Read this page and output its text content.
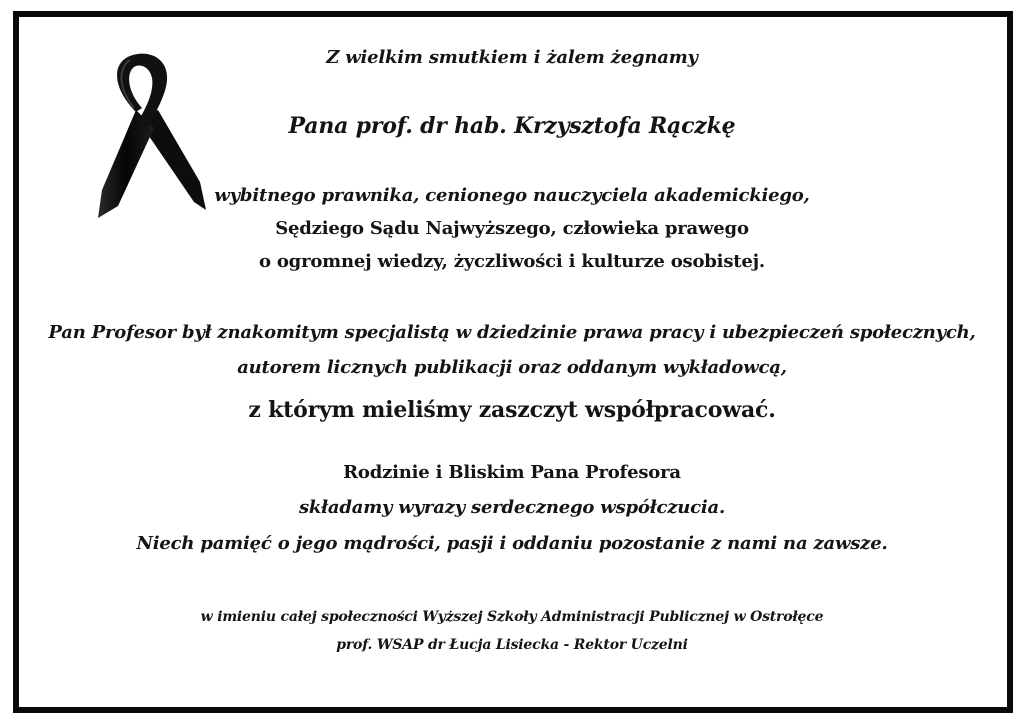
Z wielkim smutkiem i żalem żegnamy
Pana prof. dr hab. Krzysztofa Rączkę
wybitnego prawnika, cenionego nauczyciela akademickiego,
Sędziego Sądu Najwyższego, człowieka prawego
o ogromnej wiedzy, życzliwości i kulturze osobistej.
Pan Profesor był znakomitym specjalistą w dziedzinie prawa pracy i ubezpieczeń społecznych,
autorem licznych publikacji oraz oddanym wykładowcą,
z którym mieliśmy zaszczyt współpracować.
Rodzinie i Bliskim Pana Profesora
składamy wyrazy serdecznego współczucia.
Niech pamięć o jego mądrości, pasji i oddaniu pozostanie z nami na zawsze.
w imieniu całej społeczności Wyższej Szkoły Administracji Publicznej w Ostrołęce
prof. WSAP dr Łucja Lisiecka - Rektor Uczelni
